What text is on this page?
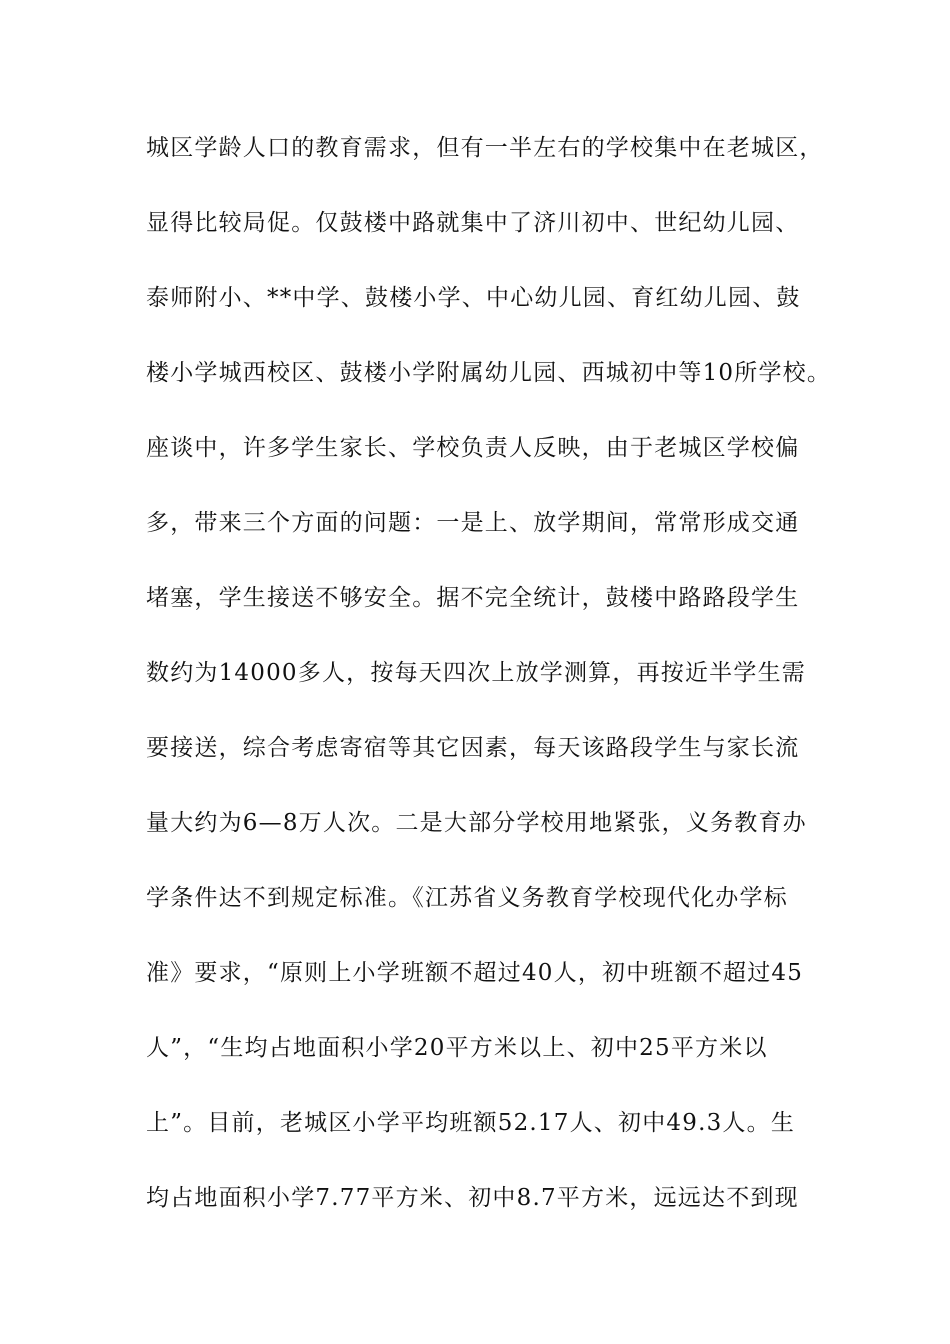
城区学龄人口的教育需求，但有一半左右的学校集中在老城区，
显得比较局促。仅鼓楼中路就集中了济川初中、世纪幼儿园、
泰师附小、**中学、鼓楼小学、中心幼儿园、育红幼儿园、鼓
楼小学城西校区、鼓楼小学附属幼儿园、西城初中等10所学校。
座谈中，许多学生家长、学校负责人反映，由于老城区学校偏
多，带来三个方面的问题：一是上、放学期间，常常形成交通
堵塞，学生接送不够安全。据不完全统计，鼓楼中路路段学生
数约为14000多人，按每天四次上放学测算，再按近半学生需
要接送，综合考虑寄宿等其它因素，每天该路段学生与家长流
量大约为6—8万人次。二是大部分学校用地紧张，义务教育办
学条件达不到规定标准。《江苏省义务教育学校现代化办学标
准》要求，“原则上小学班额不超过40人，初中班额不超过45
人”，“生均占地面积小学20平方米以上、初中25平方米以
上”。目前，老城区小学平均班额52.17人、初中49.3人。生
均占地面积小学7.77平方米、初中8.7平方米，远远达不到现
